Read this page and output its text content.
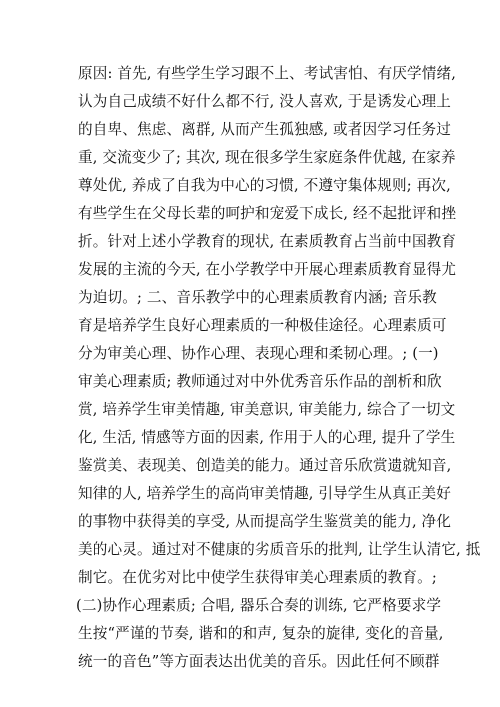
原因: 首先, 有些学生学习跟不上、考试害怕、有厌学情绪,
认为自己成绩不好什么都不行, 没人喜欢, 于是诱发心理上
的自卑、焦虑、离群, 从而产生孤独感, 或者因学习任务过
重, 交流变少了; 其次, 现在很多学生家庭条件优越, 在家养
尊处优, 养成了自我为中心的习惯, 不遵守集体规则; 再次,
有些学生在父母长辈的呵护和宠爱下成长, 经不起批评和挫
折。针对上述小学教育的现状, 在素质教育占当前中国教育
发展的主流的今天, 在小学教学中开展心理素质教育显得尤
为迫切。; 二、音乐教学中的心理素质教育内涵; 音乐教
育是培养学生良好心理素质的一种极佳途径。心理素质可
分为审美心理、协作心理、表现心理和柔韧心理。; (一)
审美心理素质; 教师通过对中外优秀音乐作品的剖析和欣
赏, 培养学生审美情趣, 审美意识, 审美能力, 综合了一切文
化, 生活, 情感等方面的因素, 作用于人的心理, 提升了学生
鉴赏美、表现美、创造美的能力。通过音乐欣赏遗就知音,
知律的人, 培养学生的高尚审美情趣, 引导学生从真正美好
的事物中获得美的享受, 从而提高学生鉴赏美的能力, 净化
美的心灵。通过对不健康的劣质音乐的批判, 让学生认清它, 抵
制它。在优劣对比中使学生获得审美心理素质的教育。;
(二)协作心理素质; 合唱, 器乐合奏的训练, 它严格要求学
生按“严谨的节奏, 谐和的和声, 复杂的旋律, 变化的音量,
统一的音色”等方面表达出优美的音乐。因此任何不顾群
